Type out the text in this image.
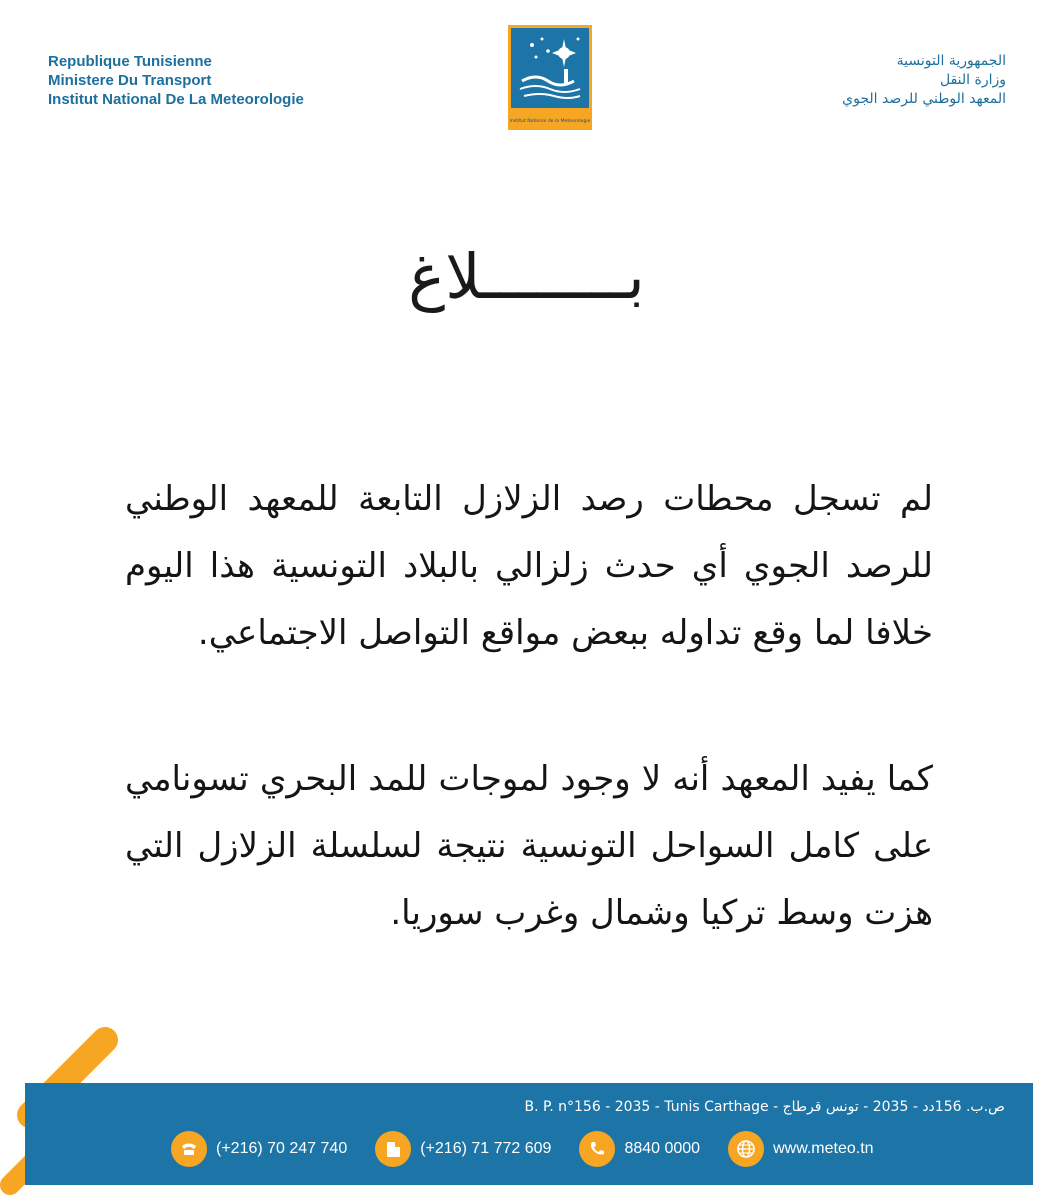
Republique Tunisienne
Ministere Du Transport
Institut National De La Meteorologie
Institut National de la Meteorologie
الجمهورية التونسية
وزارة النقل
المعهد الوطني للرصد الجوي
بــــــــلاغ
لم تسجل محطات رصد الزلازل التابعة للمعهد الوطني للرصد الجوي أي حدث زلزالي بالبلاد التونسية هذا اليوم خلافا لما وقع تداوله ببعض مواقع التواصل الاجتماعي.
كما يفيد المعهد أنه لا وجود لموجات للمد البحري تسونامي على كامل السواحل التونسية نتيجة لسلسلة الزلازل التي هزت وسط تركيا وشمال وغرب سوريا.
B. P. n°156 - 2035 - Tunis Carthage - ص.ب. 156دد - 2035 - تونس قرطاج
(+216) 70 247 740	(+216) 71 772 609	8840 0000	www.meteo.tn
